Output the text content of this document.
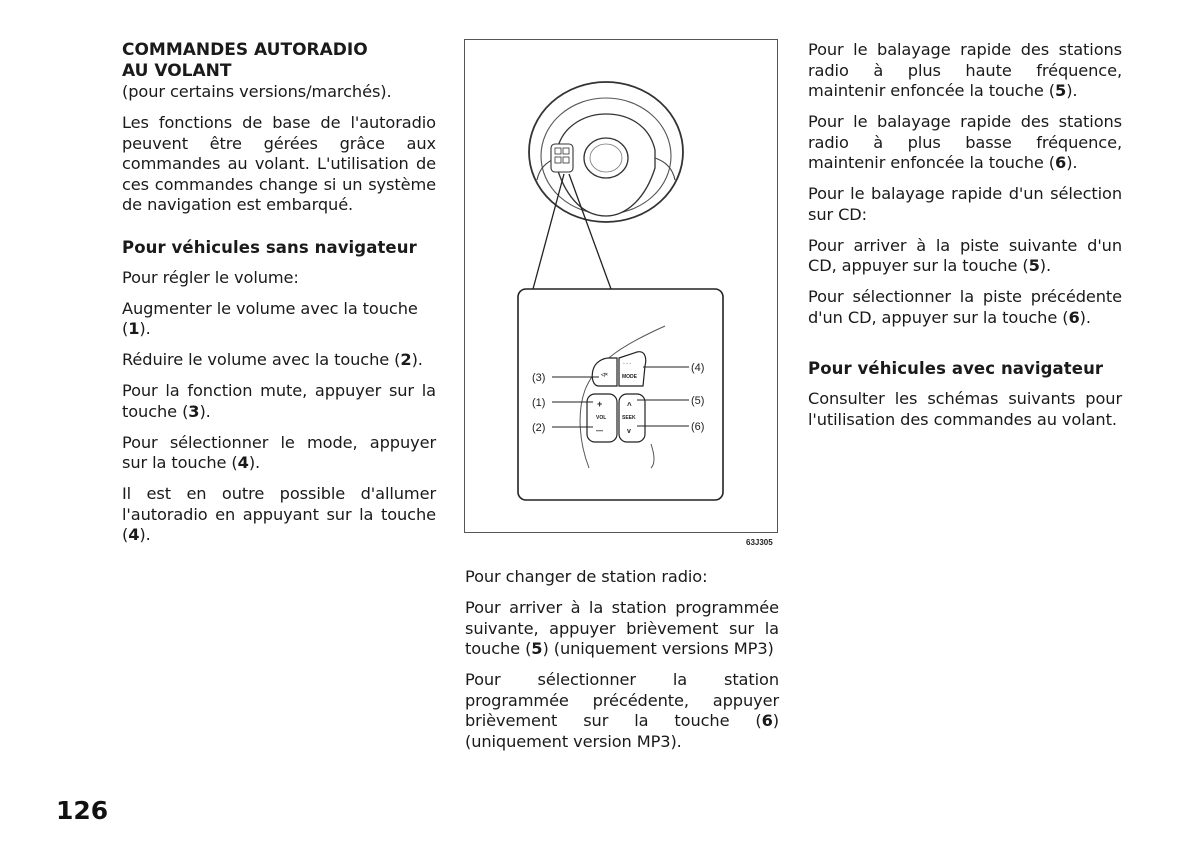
COMMANDES AUTORADIO
AU VOLANT

(pour certains versions/marchés).

Les fonctions de base de l'autoradio peuvent être gérées grâce aux commandes au volant. L'utilisation de ces commandes change si un système de navigation est embarqué.

Pour véhicules sans navigateur

Pour régler le volume:

Augmenter le volume avec la touche (1).

Réduire le volume avec la touche (2).

Pour la fonction mute, appuyer sur la touche (3).

Pour sélectionner le mode, appuyer sur la touche (4).

Il est en outre possible d'allumer l'autoradio en appuyant sur la touche (4).

◁×
◦ ◦ ◦
MODE
+
VOL
—
^
SEEK
v
(3)
(1)
(2)
(4)
(5)
(6)
63J305

Pour changer de station radio:

Pour arriver à la station programmée suivante, appuyer brièvement sur la touche (5) (uniquement versions MP3)

Pour sélectionner la station programmée précédente, appuyer brièvement sur la touche (6) (uniquement version MP3).

Pour le balayage rapide des stations radio à plus haute fréquence, maintenir enfoncée la touche (5).

Pour le balayage rapide des stations radio à plus basse fréquence, maintenir enfoncée la touche (6).

Pour le balayage rapide d'un sélection sur CD:

Pour arriver à la piste suivante d'un CD, appuyer sur la touche (5).

Pour sélectionner la piste précédente d'un CD, appuyer sur la touche (6).

Pour véhicules avec navigateur

Consulter les schémas suivants pour l'utilisation des commandes au volant.

126
